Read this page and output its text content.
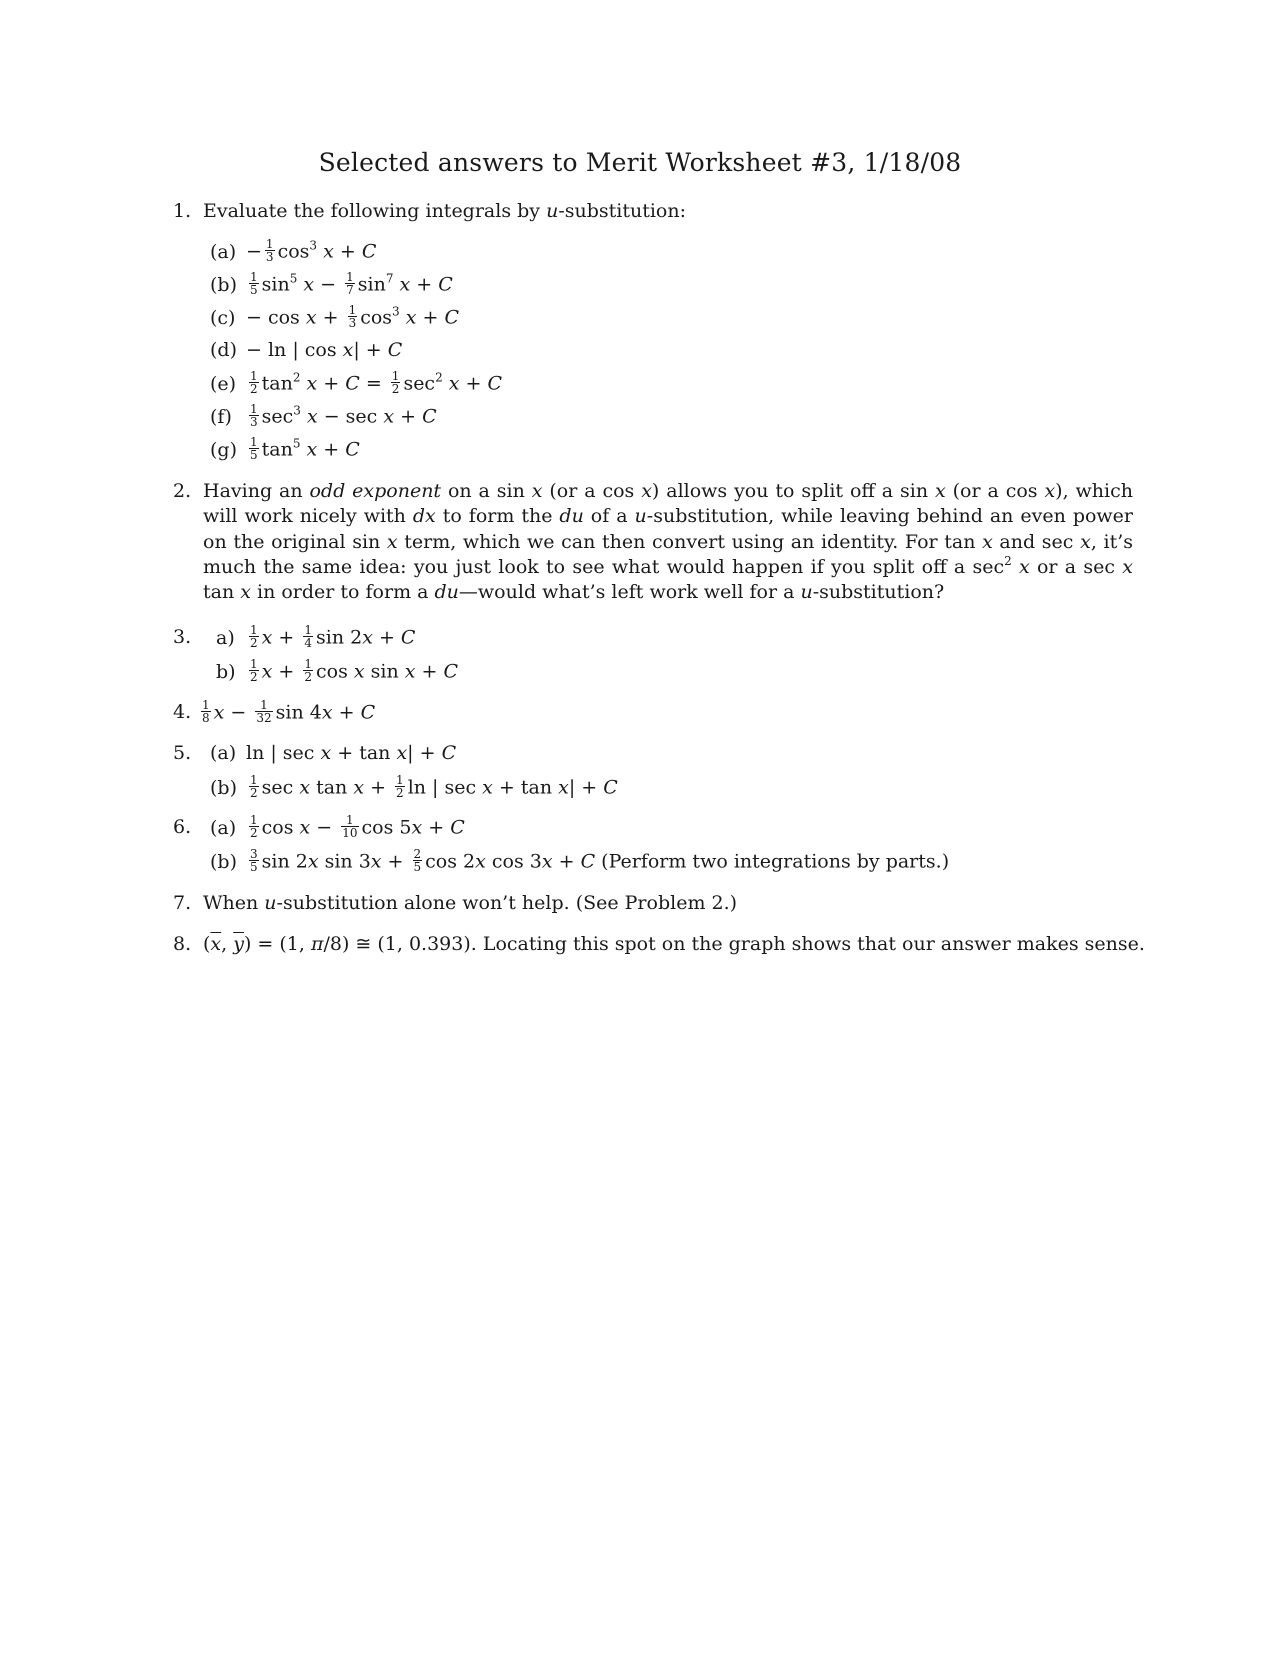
Selected answers to Merit Worksheet #3, 1/18/08
1. Evaluate the following integrals by u-substitution:
$(a) - \frac{1}{3} \cos^3 x + C$
$(b) \frac{1}{5} \sin^5 x - \frac{1}{7} \sin^7 x + C$
$(c) - \cos x + \frac{1}{3} \cos^3 x + C$
(d) − ln | cos x| + C
$(e) \frac{1}{2} \tan^2 x + C = \frac{1}{2} \sec^2 x + C$
$(f) \frac{1}{3} \sec^3 x - \sec x + C$
$(g) \frac{1}{5} \tan^5 x + C$
2. Having an odd exponent on a sin x (or a cos x) allows you to split off a sin x (or a cos x), which will work nicely with dx to form the du of a u-substitution, while leaving behind an even power on the original sin x term, which we can then convert using an identity. For tan x and sec x, it’s much the same idea: you just look to see what would happen if you split off a $\sec^2 x$ or a sec x tan x in order to form a du—would what’s left work well for a u-substitution?
3. $a) \frac{1}{2}$ $x + \frac{1}{4}$ sin 2x + C
$b) \frac{1}{2}$ $x + \frac{1}{2}$ cos x sin x + C
4. $\frac{1}{8}$ $x - \frac{1}{32}$ sin 4x + C
5. (a) ln | sec x + tan x| + C
$(b) \frac{1}{2}$ sec x $\tan x + \frac{1}{2}$ ln | sec x + tan x| + C
6. $(a) \frac{1}{2}$ $\cos x - \frac{1}{10}$ cos 5x + C
$(b) \frac{3}{5}$ sin 2x $\sin 3x + \frac{2}{5}$ cos 2x cos 3x + C (Perform two integrations by parts.)
7. When u-substitution alone won’t help. (See Problem 2.)
8. ($\overline{x}$, $\overline{y}) = (1$, π/8) ≅ (1, 0.393). Locating this spot on the graph shows that our answer makes sense.
